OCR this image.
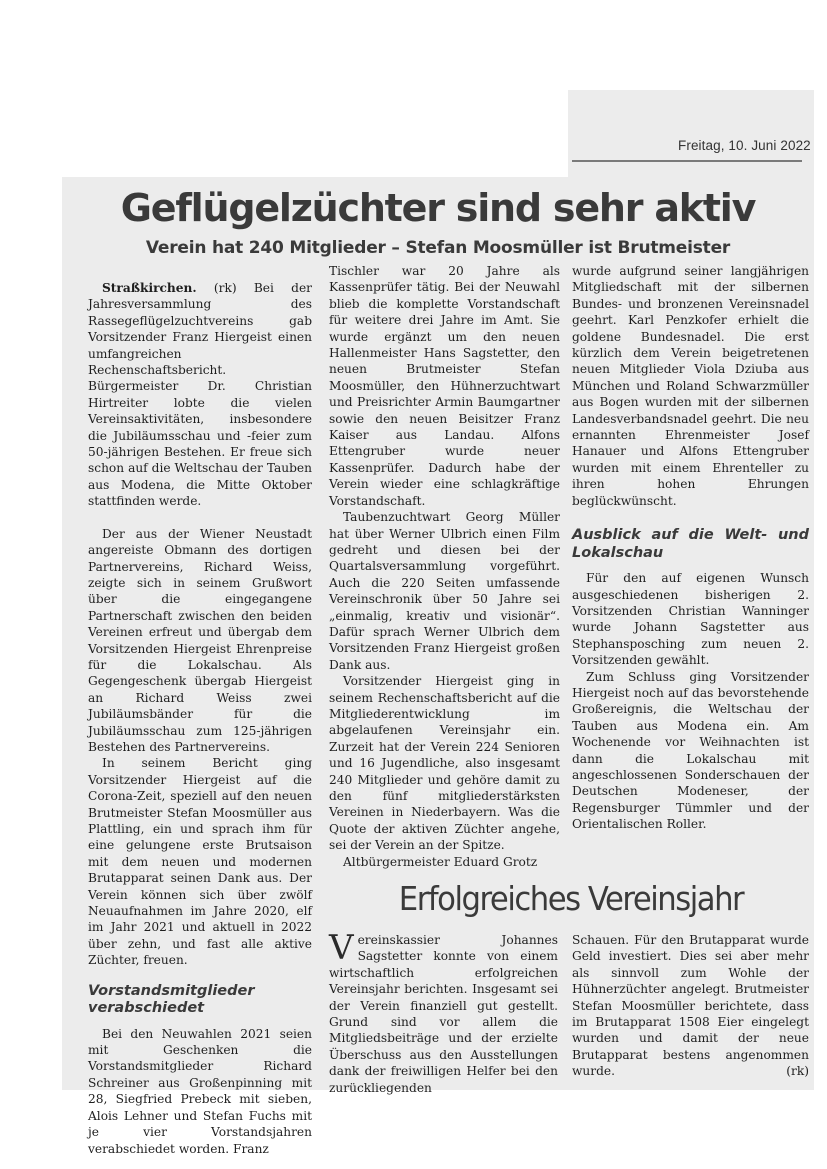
Freitag, 10. Juni 2022
Geflügelzüchter sind sehr aktiv
Verein hat 240 Mitglieder – Stefan Moosmüller ist Brutmeister

Straßkirchen. (rk) Bei der Jahresversammlung des Rassegeflügelzuchtvereins gab Vorsitzender Franz Hiergeist einen umfangreichen Rechenschaftsbericht. Bürgermeister Dr. Christian Hirtreiter lobte die vielen Vereinsaktivitäten, insbesondere die Jubiläumsschau und -feier zum 50-jährigen Bestehen. Er freue sich schon auf die Weltschau der Tauben aus Modena, die Mitte Oktober stattfinden werde.

Der aus der Wiener Neustadt angereiste Obmann des dortigen Partnervereins, Richard Weiss, zeigte sich in seinem Grußwort über die eingegangene Partnerschaft zwischen den beiden Vereinen erfreut und übergab dem Vorsitzenden Hiergeist Ehrenpreise für die Lokalschau. Als Gegengeschenk übergab Hiergeist an Richard Weiss zwei Jubiläumsbänder für die Jubiläumsschau zum 125-jährigen Bestehen des Partnervereins.

In seinem Bericht ging Vorsitzender Hiergeist auf die Corona-Zeit, speziell auf den neuen Brutmeister Stefan Moosmüller aus Plattling, ein und sprach ihm für eine gelungene erste Brutsaison mit dem neuen und modernen Brutapparat seinen Dank aus. Der Verein können sich über zwölf Neuaufnahmen im Jahre 2020, elf im Jahr 2021 und aktuell in 2022 über zehn, und fast alle aktive Züchter, freuen.

Vorstandsmitglieder verabschiedet

Bei den Neuwahlen 2021 seien mit Geschenken die Vorstandsmitglieder Richard Schreiner aus Großenpinning mit 28, Siegfried Prebeck mit sieben, Alois Lehner und Stefan Fuchs mit je vier Vorstandsjahren verabschiedet worden. Franz

Tischler war 20 Jahre als Kassenprüfer tätig. Bei der Neuwahl blieb die komplette Vorstandschaft für weitere drei Jahre im Amt. Sie wurde ergänzt um den neuen Hallenmeister Hans Sagstetter, den neuen Brutmeister Stefan Moosmüller, den Hühnerzuchtwart und Preisrichter Armin Baumgartner sowie den neuen Beisitzer Franz Kaiser aus Landau. Alfons Ettengruber wurde neuer Kassenprüfer. Dadurch habe der Verein wieder eine schlagkräftige Vorstandschaft.

Taubenzuchtwart Georg Müller hat über Werner Ulbrich einen Film gedreht und diesen bei der Quartalsversammlung vorgeführt. Auch die 220 Seiten umfassende Vereinschronik über 50 Jahre sei „einmalig, kreativ und visionär“. Dafür sprach Werner Ulbrich dem Vorsitzenden Franz Hiergeist großen Dank aus.

Vorsitzender Hiergeist ging in seinem Rechenschaftsbericht auf die Mitgliederentwicklung im abgelaufenen Vereinsjahr ein. Zurzeit hat der Verein 224 Senioren und 16 Jugendliche, also insgesamt 240 Mitglieder und gehöre damit zu den fünf mitgliederstärksten Vereinen in Niederbayern. Was die Quote der aktiven Züchter angehe, sei der Verein an der Spitze.

Altbürgermeister Eduard Grotz

wurde aufgrund seiner langjährigen Mitgliedschaft mit der silbernen Bundes- und bronzenen Vereinsnadel geehrt. Karl Penzkofer erhielt die goldene Bundesnadel. Die erst kürzlich dem Verein beigetretenen neuen Mitglieder Viola Dziuba aus München und Roland Schwarzmüller aus Bogen wurden mit der silbernen Landesverbandsnadel geehrt. Die neu ernannten Ehrenmeister Josef Hanauer und Alfons Ettengruber wurden mit einem Ehrenteller zu ihren hohen Ehrungen beglückwünscht.

Ausblick auf die Welt- und Lokalschau

Für den auf eigenen Wunsch ausgeschiedenen bisherigen 2. Vorsitzenden Christian Wanninger wurde Johann Sagstetter aus Stephansposching zum neuen 2. Vorsitzenden gewählt.

Zum Schluss ging Vorsitzender Hiergeist noch auf das bevorstehende Großereignis, die Weltschau der Tauben aus Modena ein. Am Wochenende vor Weihnachten ist dann die Lokalschau mit angeschlossenen Sonderschauen der Deutschen Modeneser, der Regensburger Tümmler und der Orientalischen Roller.

Erfolgreiches Vereinsjahr

Vereinskassier Johannes Sagstetter konnte von einem wirtschaftlich erfolgreichen Vereinsjahr berichten. Insgesamt sei der Verein finanziell gut gestellt. Grund sind vor allem die Mitgliedsbeiträge und der erzielte Überschuss aus den Ausstellungen dank der freiwilligen Helfer bei den zurückliegenden

Schauen. Für den Brutapparat wurde Geld investiert. Dies sei aber mehr als sinnvoll zum Wohle der Hühnerzüchter angelegt. Brutmeister Stefan Moosmüller berichtete, dass im Brutapparat 1508 Eier eingelegt wurden und damit der neue Brutapparat bestens angenommen wurde.	(rk)
